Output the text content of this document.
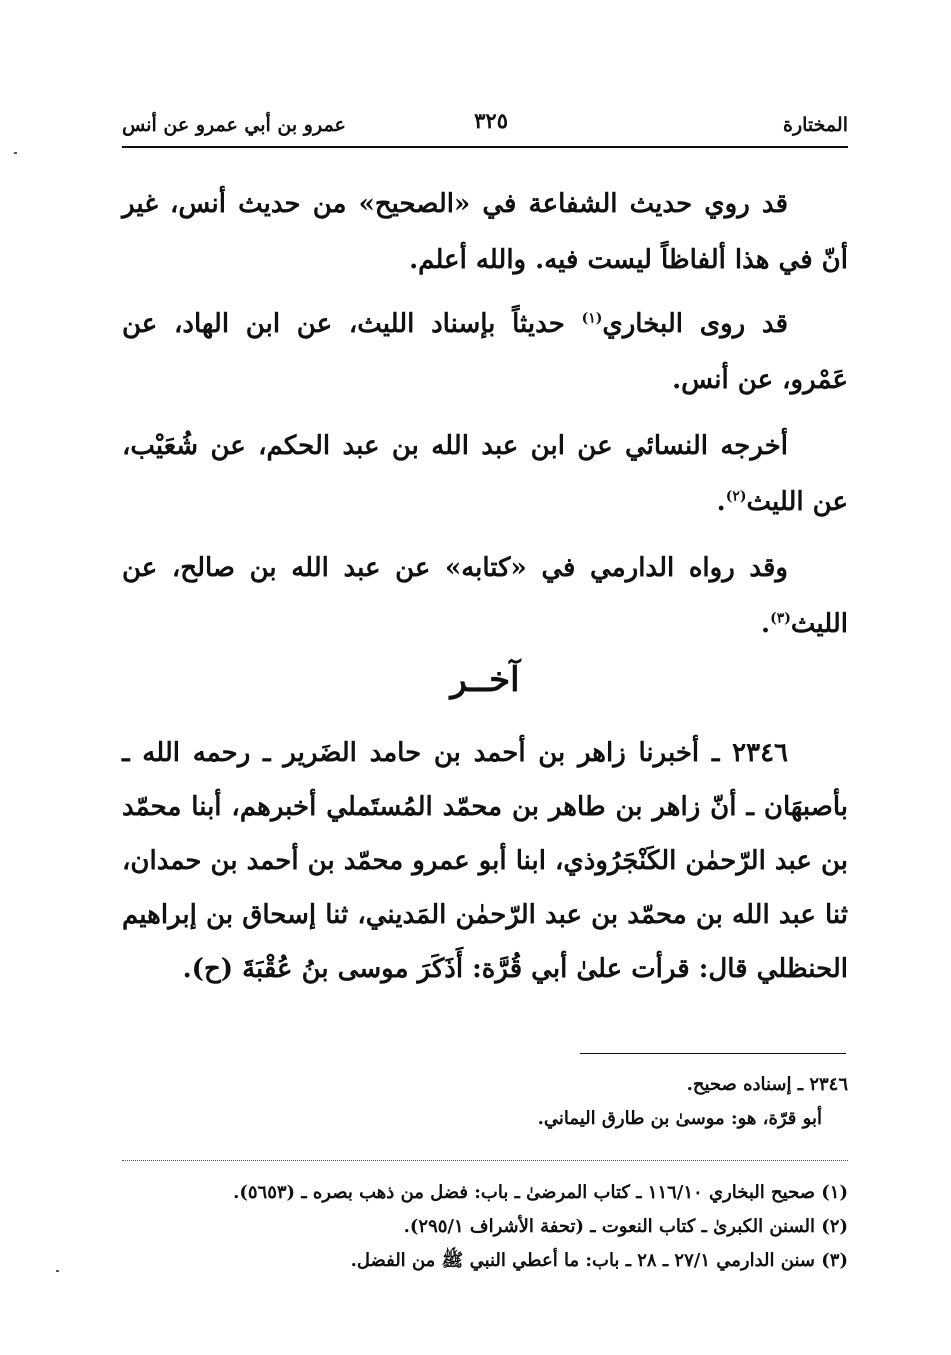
المختارة
٣٢٥
عمرو بن أبي عمرو عن أنس

قد روي حديث الشفاعة في «الصحيح» من حديث أنس، غير أنّ في هذا ألفاظاً ليست فيه. والله أعلم.

قد روى البخاري$^{(١)}$ حديثاً بإسناد الليث، عن ابن الهاد، عن عَمْرو، عن أنس.

أخرجه النسائي عن ابن عبد الله بن عبد الحكم، عن شُعَيْب، عن الليث$^{(٢)}$.

وقد رواه الدارمي في «كتابه» عن عبد الله بن صالح، عن الليث$^{(٣)}$.

آخــر

٢٣٤٦ ـ أخبرنا زاهر بن أحمد بن حامد الضَرير ـ رحمه الله ـ بأصبهَان ـ أنّ زاهر بن طاهر بن محمّد المُستَملي أخبرهم، أبنا محمّد بن عبد الرّحمٰن الكَنْجَرُوذي، ابنا أبو عمرو محمّد بن أحمد بن حمدان، ثنا عبد الله بن محمّد بن عبد الرّحمٰن المَديني، ثنا إسحاق بن إبراهيم الحنظلي قال: قرأت علىٰ أبي قُرَّة: أَذَكَرَ موسى بنُ عُقْبَةَ (ح).

٢٣٤٦ ـ إسناده صحيح.
أبو قرّة، هو: موسىٰ بن طارق اليماني.
(١) صحيح البخاري ١١٦/١٠ ـ كتاب المرضىٰ ـ باب: فضل من ذهب بصره ـ (٥٦٥٣).
(٢) السنن الكبرىٰ ـ كتاب النعوت ـ (تحفة الأشراف ٢٩٥/١).
(٣) سنن الدارمي ٢٧/١ ـ ٢٨ ـ باب: ما أعطي النبي ﷺ من الفضل.
